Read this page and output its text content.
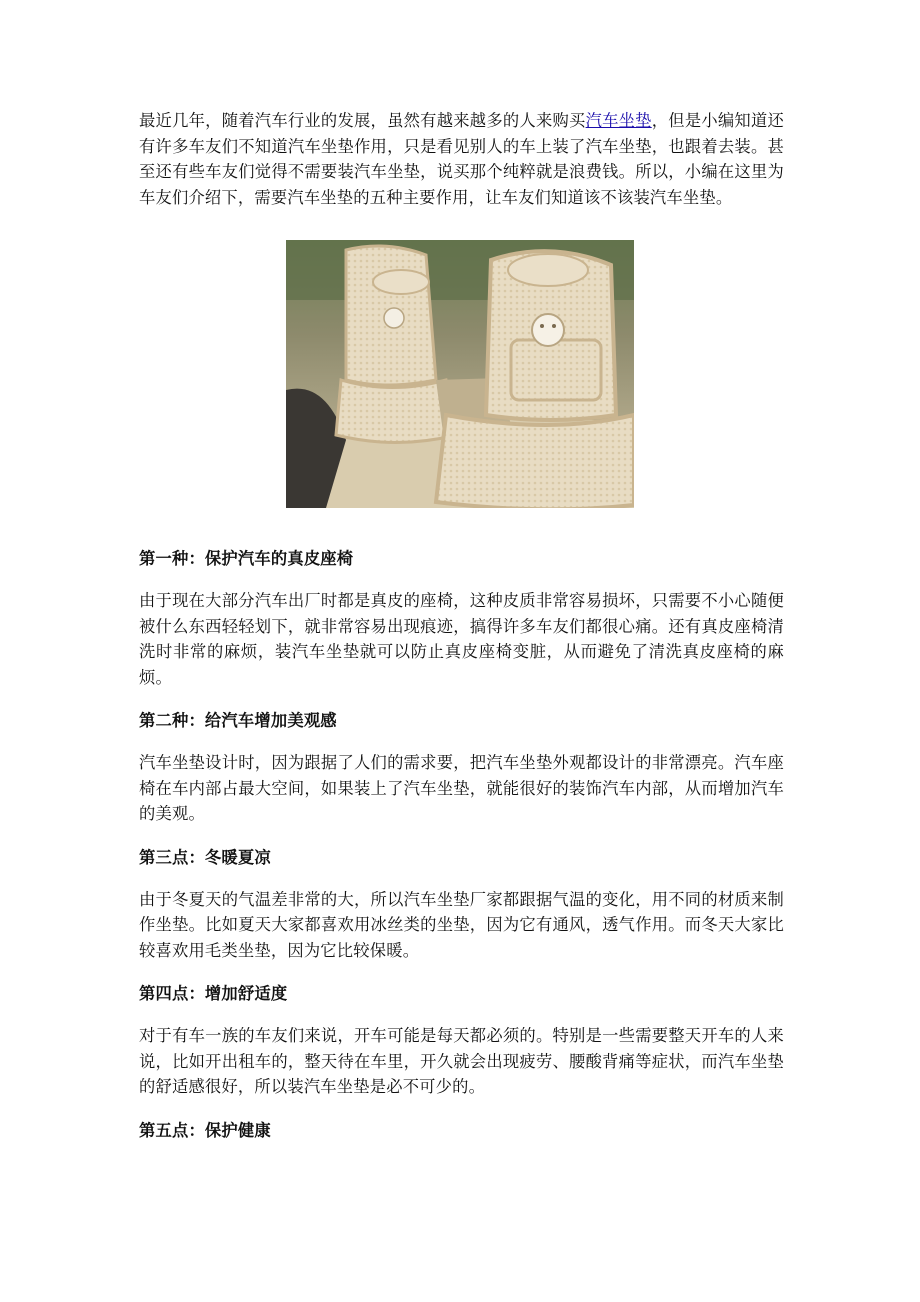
最近几年，随着汽车行业的发展，虽然有越来越多的人来购买汽车坐垫，但是小编知道还有许多车友们不知道汽车坐垫作用，只是看见别人的车上装了汽车坐垫，也跟着去装。甚至还有些车友们觉得不需要装汽车坐垫，说买那个纯粹就是浪费钱。所以，小编在这里为车友们介绍下，需要汽车坐垫的五种主要作用，让车友们知道该不该装汽车坐垫。

第一种：保护汽车的真皮座椅

由于现在大部分汽车出厂时都是真皮的座椅，这种皮质非常容易损坏，只需要不小心随便被什么东西轻轻划下，就非常容易出现痕迹，搞得许多车友们都很心痛。还有真皮座椅清洗时非常的麻烦，装汽车坐垫就可以防止真皮座椅变脏，从而避免了清洗真皮座椅的麻烦。

第二种：给汽车增加美观感

汽车坐垫设计时，因为跟据了人们的需求要，把汽车坐垫外观都设计的非常漂亮。汽车座椅在车内部占最大空间，如果装上了汽车坐垫，就能很好的装饰汽车内部，从而增加汽车的美观。

第三点：冬暖夏凉

由于冬夏天的气温差非常的大，所以汽车坐垫厂家都跟据气温的变化，用不同的材质来制作坐垫。比如夏天大家都喜欢用冰丝类的坐垫，因为它有通风，透气作用。而冬天大家比较喜欢用毛类坐垫，因为它比较保暖。

第四点：增加舒适度

对于有车一族的车友们来说，开车可能是每天都必须的。特别是一些需要整天开车的人来说，比如开出租车的，整天待在车里，开久就会出现疲劳、腰酸背痛等症状，而汽车坐垫的舒适感很好，所以装汽车坐垫是必不可少的。

第五点：保护健康
